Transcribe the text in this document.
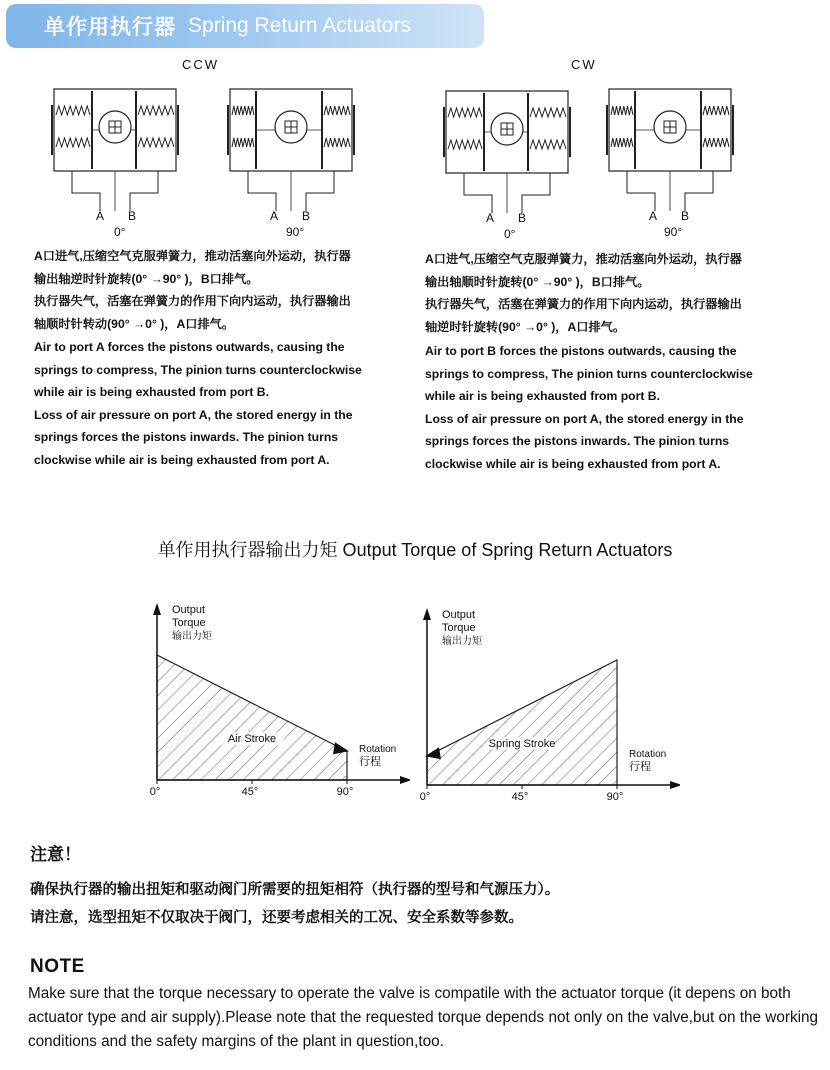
单作用执行器 Spring Return Actuators
CCW
A B
0°
A B
90°
A口进气,压缩空气克服弹簧力，推动活塞向外运动，执行器
输出轴逆时针旋转(0° →90° )，B口排气。
执行器失气，活塞在弹簧力的作用下向内运动，执行器输出
轴顺时针转动(90° →0° )，A口排气。
Air to port A forces the pistons outwards, causing the
springs to compress, The pinion turns counterclockwise
while air is being exhausted from port B.
Loss of air pressure on port A, the stored energy in the
springs forces the pistons inwards. The pinion turns
clockwise while air is being exhausted from port A.
CW
A B
0°
A B
90°
A口进气,压缩空气克服弹簧力，推动活塞向外运动，执行器
输出轴顺时针旋转(0° →90° )，B口排气。
执行器失气，活塞在弹簧力的作用下向内运动，执行器输出
轴逆时针旋转(90° →0° )，A口排气。
Air to port B forces the pistons outwards, causing the
springs to compress, The pinion turns counterclockwise
while air is being exhausted from port B.
Loss of air pressure on port A, the stored energy in the
springs forces the pistons inwards. The pinion turns
clockwise while air is being exhausted from port A.
单作用执行器输出力矩 Output Torque of Spring Return Actuators
Output
Torque
输出力矩
Rotation
行程
0°	45°	90°
Air Stroke
Output
Torque
输出力矩
Rotation
行程
0°	45°	90°
Spring Stroke
注意！
确保执行器的输出扭矩和驱动阀门所需要的扭矩相符（执行器的型号和气源压力）。
请注意，选型扭矩不仅取决于阀门，还要考虑相关的工况、安全系数等参数。
NOTE
Make sure that the torque necessary to operate the valve is compatile with the actuator torque (it depens on both actuator type and air supply).Please note that the requested torque depends not only on the valve,but on the working conditions and the safety margins of the plant in question,too.
